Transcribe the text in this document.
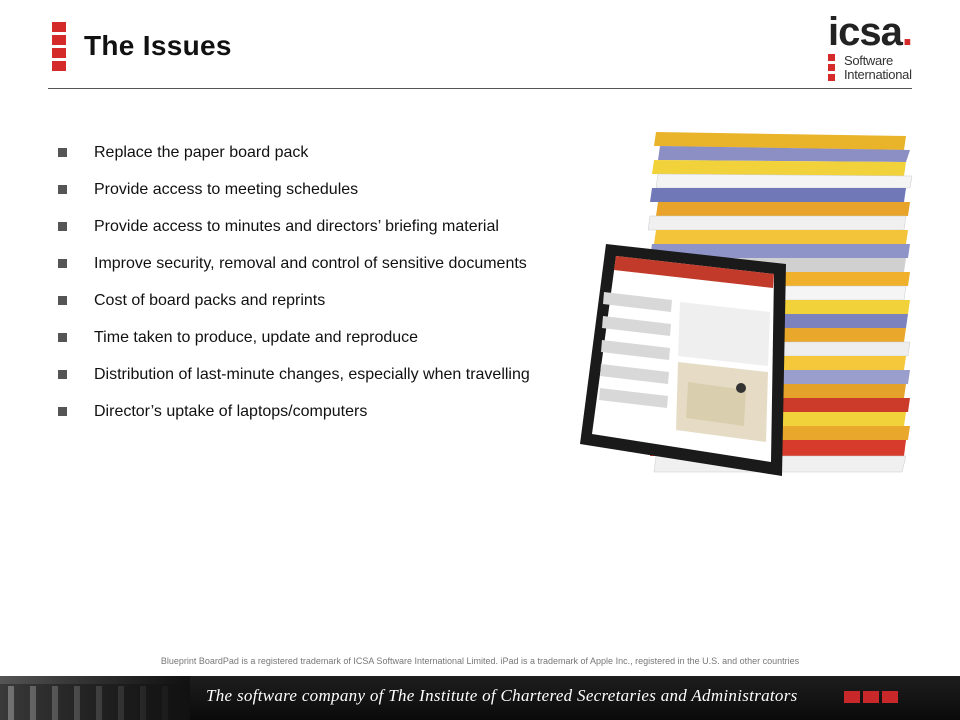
The Issues	icsa.
Software
International
Replace the paper board pack
Provide access to meeting schedules
Provide access to minutes and directors’ briefing material
Improve security, removal and control of sensitive documents
Cost of board packs and reprints
Time taken to produce, update and reproduce
Distribution of last-minute changes, especially when travelling
Director’s uptake of laptops/computers
Blueprint BoardPad is a registered trademark of ICSA Software International Limited. iPad is a trademark of Apple Inc., registered in the U.S. and other countries
The software company of The Institute of Chartered Secretaries and Administrators
